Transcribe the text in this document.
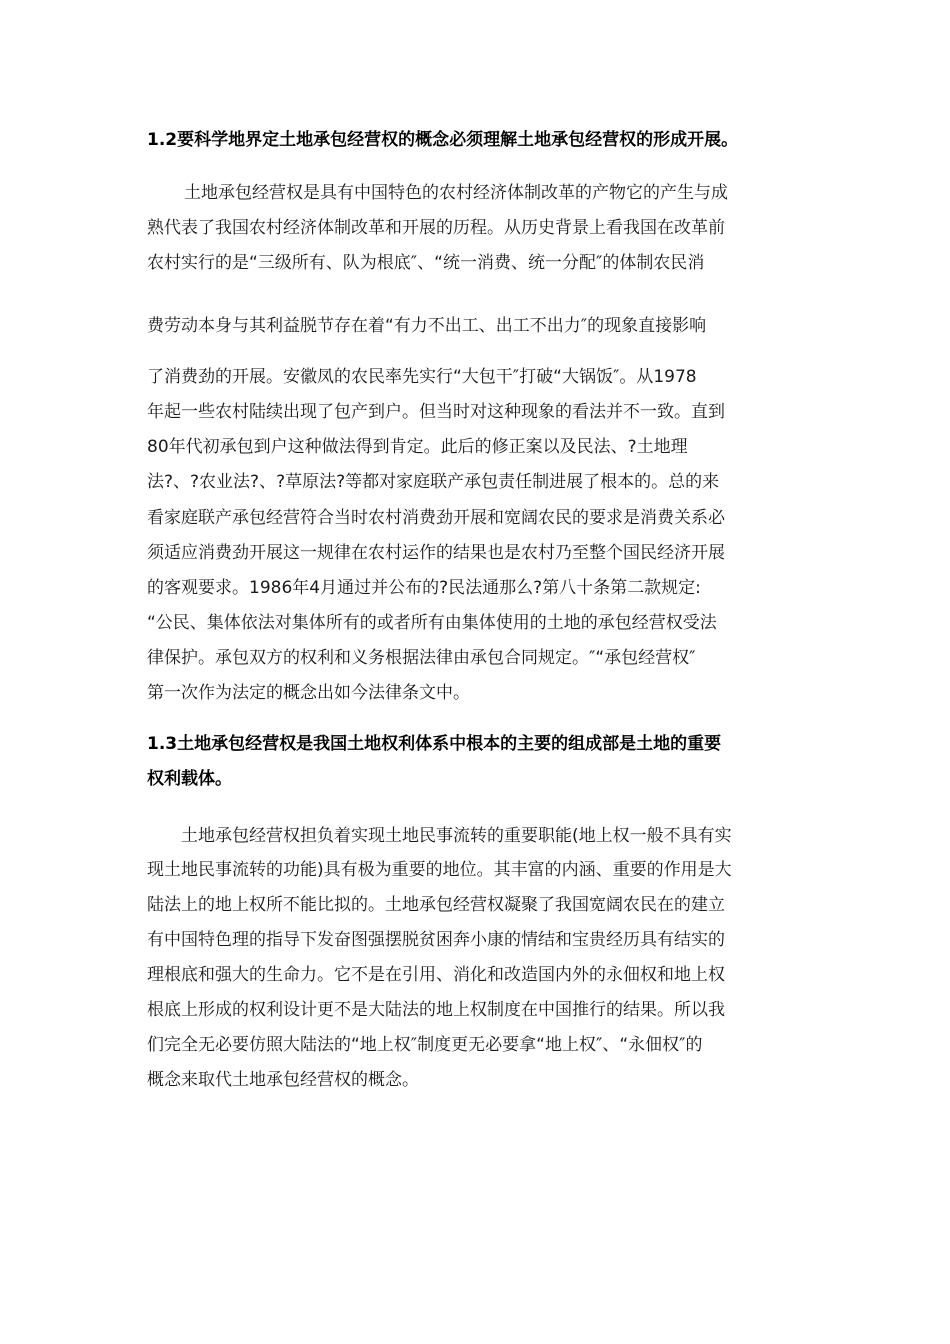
1.2要科学地界定土地承包经营权的概念必须理解土地承包经营权的形成开展。
土地承包经营权是具有中国特色的农村经济体制改革的产物它的产生与成
熟代表了我国农村经济体制改革和开展的历程。从历史背景上看我国在改革前
农村实行的是“三级所有、队为根底″、“统一消费、统一分配″的体制农民消
费劳动本身与其利益脱节存在着“有力不出工、出工不出力″的现象直接影响
了消费劲的开展。安徽凤的农民率先实行“大包干″打破“大锅饭″。从1978
年起一些农村陆续出现了包产到户。但当时对这种现象的看法并不一致。直到
80年代初承包到户这种做法得到肯定。此后的修正案以及民法、?土地理
法?、?农业法?、?草原法?等都对家庭联产承包责任制进展了根本的。总的来
看家庭联产承包经营符合当时农村消费劲开展和宽阔农民的要求是消费关系必
须适应消费劲开展这一规律在农村运作的结果也是农村乃至整个国民经济开展
的客观要求。1986年4月通过并公布的?民法通那么?第八十条第二款规定:
“公民、集体依法对集体所有的或者所有由集体使用的土地的承包经营权受法
律保护。承包双方的权利和义务根据法律由承包合同规定。″“承包经营权″
第一次作为法定的概念出如今法律条文中。
1.3土地承包经营权是我国土地权利体系中根本的主要的组成部是土地的重要
权利载体。
土地承包经营权担负着实现土地民事流转的重要职能(地上权一般不具有实
现土地民事流转的功能)具有极为重要的地位。其丰富的内涵、重要的作用是大
陆法上的地上权所不能比拟的。土地承包经营权凝聚了我国宽阔农民在的建立
有中国特色理的指导下发奋图强摆脱贫困奔小康的情结和宝贵经历具有结实的
理根底和强大的生命力。它不是在引用、消化和改造国内外的永佃权和地上权
根底上形成的权利设计更不是大陆法的地上权制度在中国推行的结果。所以我
们完全无必要仿照大陆法的“地上权″制度更无必要拿“地上权″、“永佃权″的
概念来取代土地承包经营权的概念。
